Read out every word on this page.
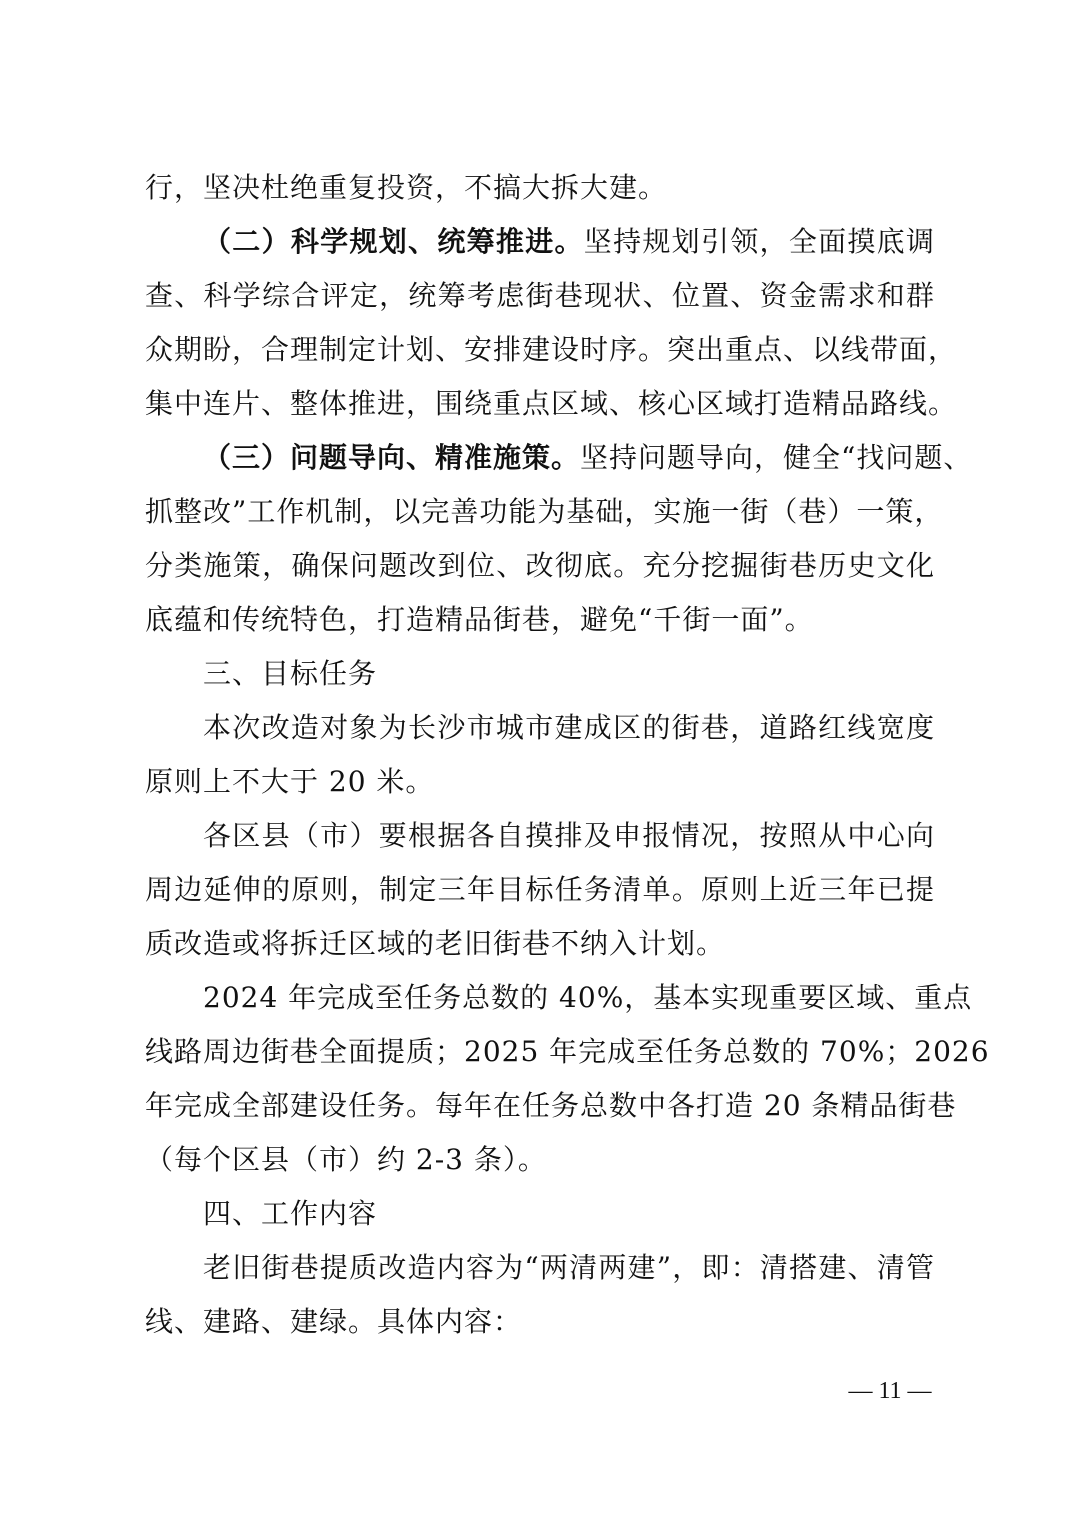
行，坚决杜绝重复投资，不搞大拆大建。
（二）科学规划、统筹推进。坚持规划引领，全面摸底调
查、科学综合评定，统筹考虑街巷现状、位置、资金需求和群
众期盼，合理制定计划、安排建设时序。突出重点、以线带面，
集中连片、整体推进，围绕重点区域、核心区域打造精品路线。
（三）问题导向、精准施策。坚持问题导向，健全“找问题、
抓整改”工作机制，以完善功能为基础，实施一街（巷）一策，
分类施策，确保问题改到位、改彻底。充分挖掘街巷历史文化
底蕴和传统特色，打造精品街巷，避免“千街一面”。
三、目标任务
本次改造对象为长沙市城市建成区的街巷，道路红线宽度
原则上不大于 20 米。
各区县（市）要根据各自摸排及申报情况，按照从中心向
周边延伸的原则，制定三年目标任务清单。原则上近三年已提
质改造或将拆迁区域的老旧街巷不纳入计划。
2024 年完成至任务总数的 40%，基本实现重要区域、重点
线路周边街巷全面提质；2025 年完成至任务总数的 70%；2026
年完成全部建设任务。每年在任务总数中各打造 20 条精品街巷
（每个区县（市）约 2-3 条）。
四、工作内容
老旧街巷提质改造内容为“两清两建”，即：清搭建、清管
线、建路、建绿。具体内容：
— 11 —
